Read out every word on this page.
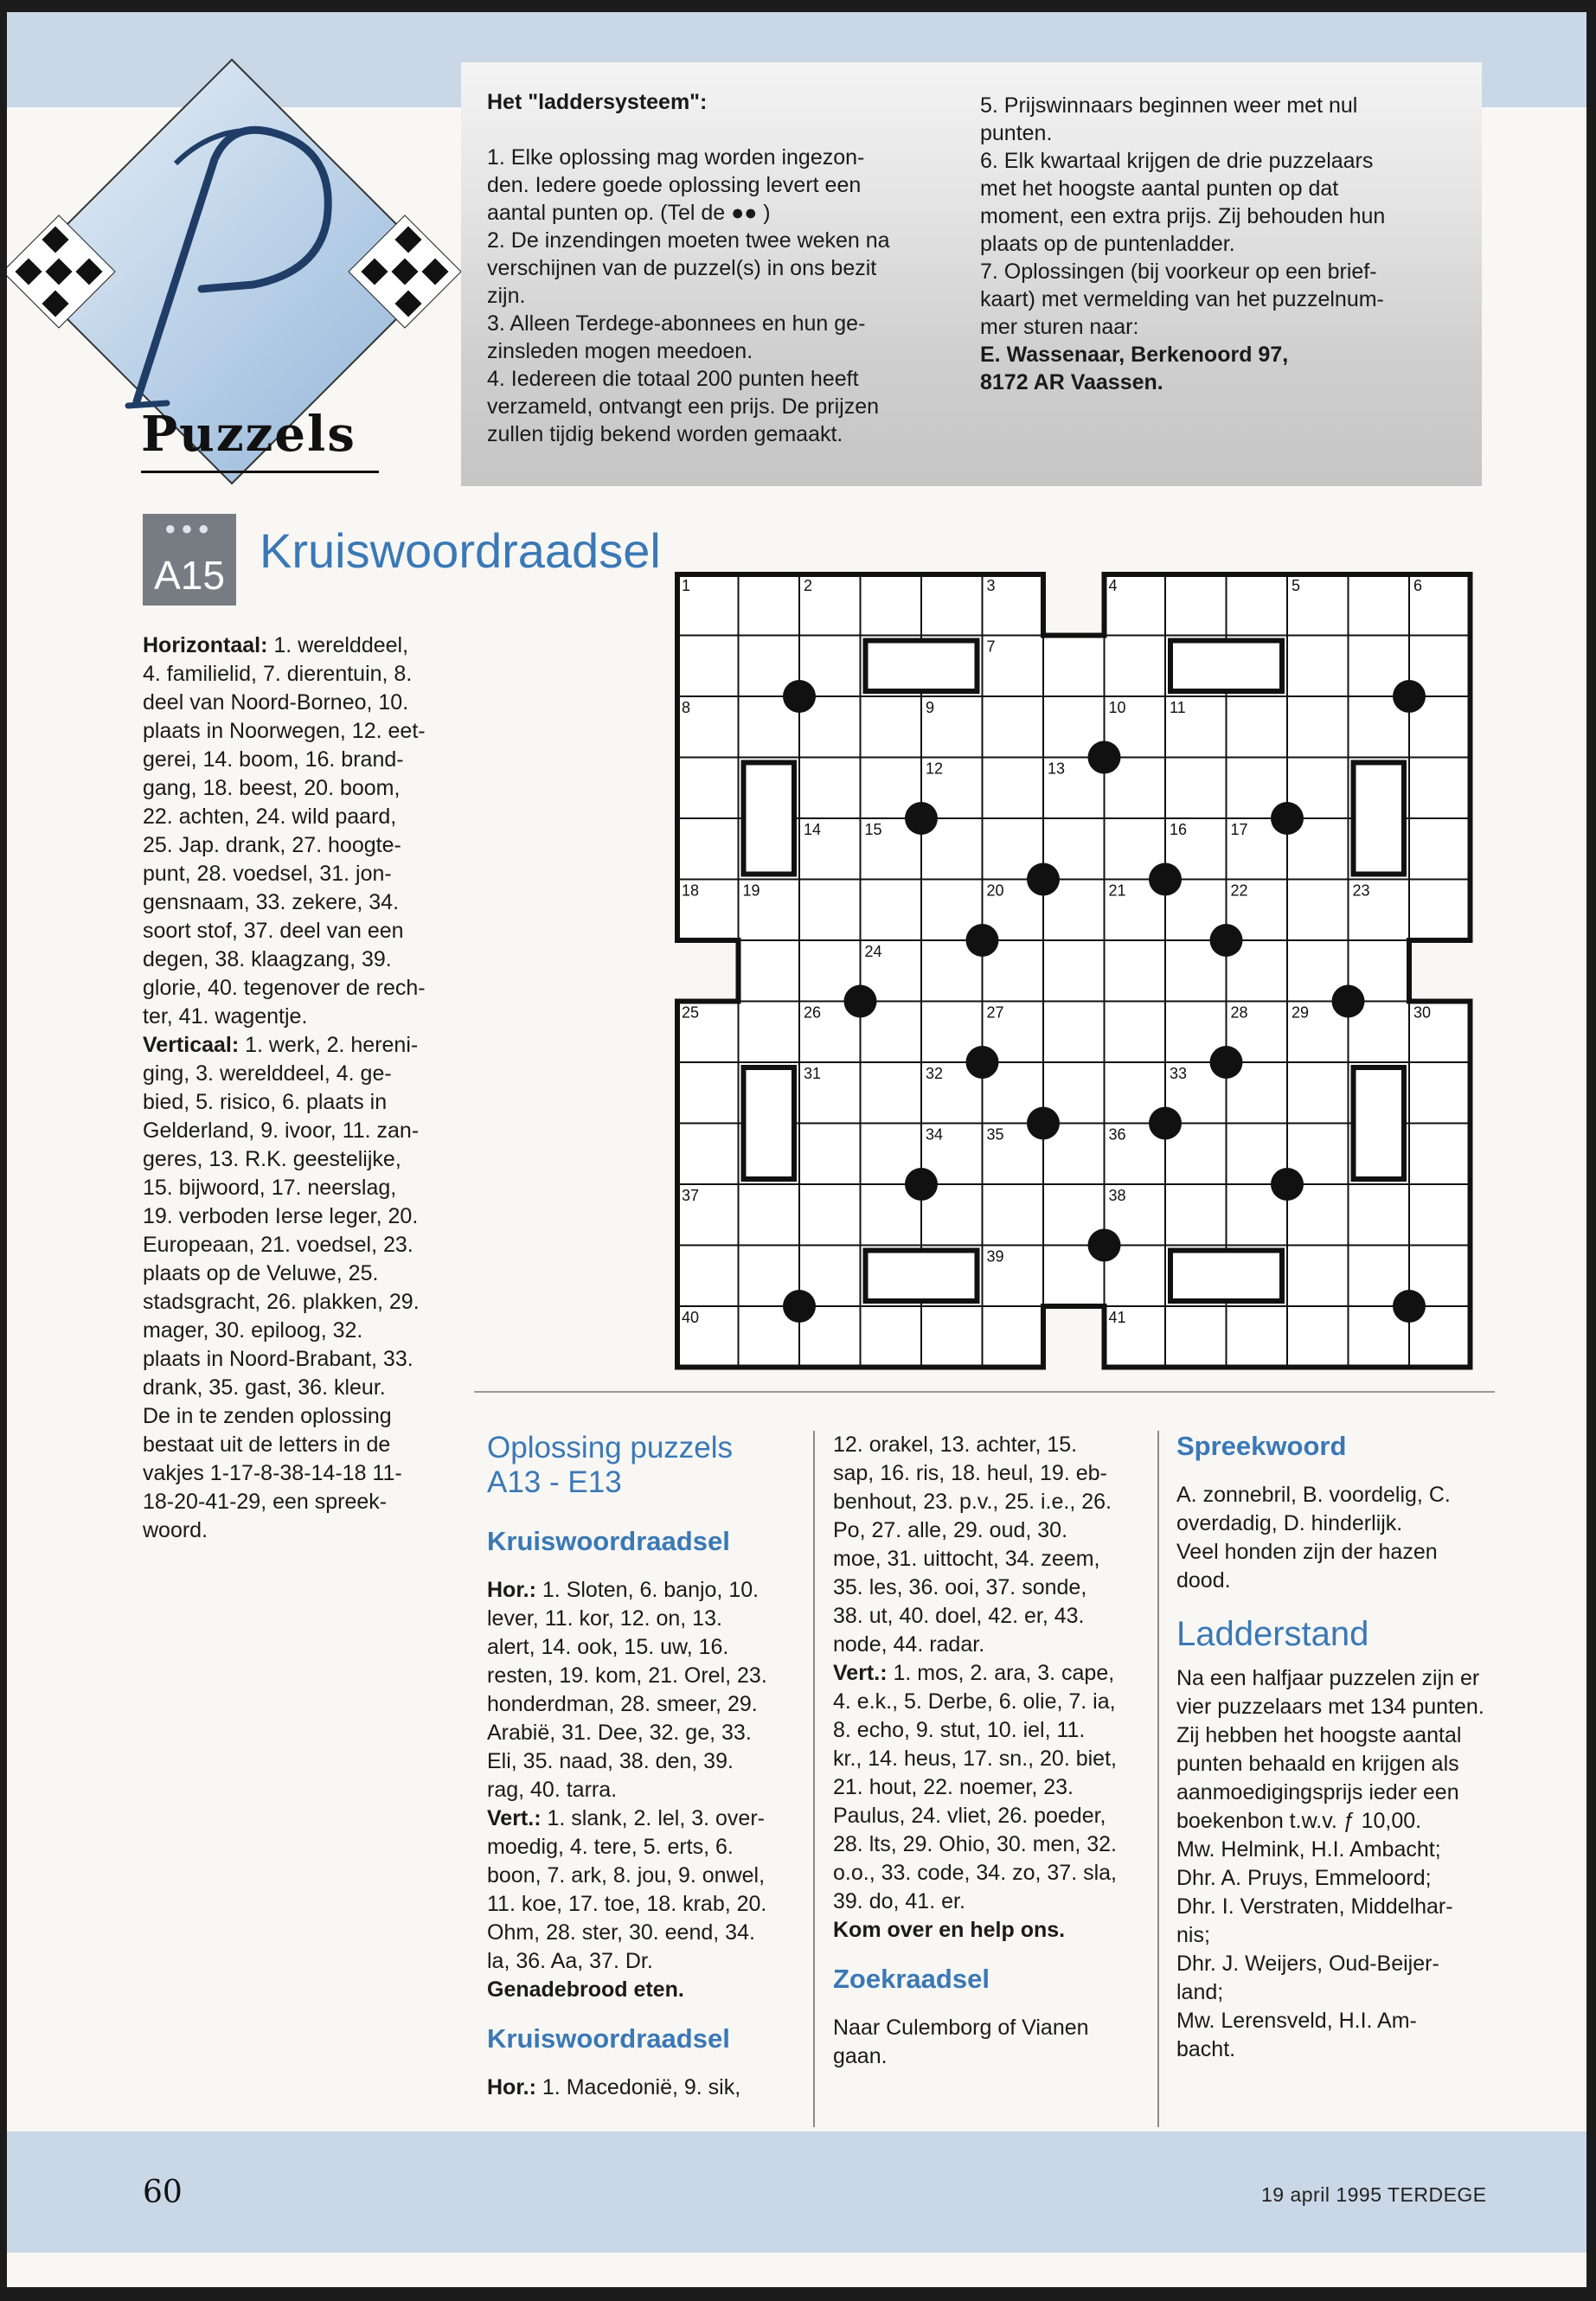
Puzzels

Het "laddersysteem":

1. Elke oplossing mag worden ingezon-

den. Iedere goede oplossing levert een

aantal punten op. (Tel de ●● )

2. De inzendingen moeten twee weken na

verschijnen van de puzzel(s) in ons bezit

zijn.

3. Alleen Terdege-abonnees en hun ge-

zinsleden mogen meedoen.

4. Iedereen die totaal 200 punten heeft

verzameld, ontvangt een prijs. De prijzen

zullen tijdig bekend worden gemaakt.

5. Prijswinnaars beginnen weer met nul

punten.

6. Elk kwartaal krijgen de drie puzzelaars

met het hoogste aantal punten op dat

moment, een extra prijs. Zij behouden hun

plaats op de puntenladder.

7. Oplossingen (bij voorkeur op een brief-

kaart) met vermelding van het puzzelnum-

mer sturen naar:

E. Wassenaar, Berkenoord 97,

8172 AR Vaassen.

●●●
A15 Kruiswoordraadsel

Horizontaal: 1. werelddeel,

4. familielid, 7. dierentuin, 8.

deel van Noord-Borneo, 10.

plaats in Noorwegen, 12. eet-

gerei, 14. boom, 16. brand-

gang, 18. beest, 20. boom,

22. achten, 24. wild paard,

25. Jap. drank, 27. hoogte-

punt, 28. voedsel, 31. jon-

gensnaam, 33. zekere, 34.

soort stof, 37. deel van een

degen, 38. klaagzang, 39.

glorie, 40. tegenover de rech-

ter, 41. wagentje.

Verticaal: 1. werk, 2. hereni-

ging, 3. werelddeel, 4. ge-

bied, 5. risico, 6. plaats in

Gelderland, 9. ivoor, 11. zan-

geres, 13. R.K. geestelijke,

15. bijwoord, 17. neerslag,

19. verboden Ierse leger, 20.

Europeaan, 21. voedsel, 23.

plaats op de Veluwe, 25.

stadsgracht, 26. plakken, 29.

mager, 30. epiloog, 32.

plaats in Noord-Brabant, 33.

drank, 35. gast, 36. kleur.

De in te zenden oplossing

bestaat uit de letters in de

vakjes 1-17-8-38-14-18 11-

18-20-41-29, een spreek-

woord.

1	2	3	4	5	6
7
8	9	10	11
12	13
14	15	16	17
18	19	20	21	22	23
24
25	26	27	28	29	30
31	32	33
34	35	36
37	38
39
40	41

Oplossing puzzels
A13 - E13

Kruiswoordraadsel

Hor.: 1. Sloten, 6. banjo, 10.

lever, 11. kor, 12. on, 13.

alert, 14. ook, 15. uw, 16.

resten, 19. kom, 21. Orel, 23.

honderdman, 28. smeer, 29.

Arabië, 31. Dee, 32. ge, 33.

Eli, 35. naad, 38. den, 39.

rag, 40. tarra.

Vert.: 1. slank, 2. lel, 3. over-

moedig, 4. tere, 5. erts, 6.

boon, 7. ark, 8. jou, 9. onwel,

11. koe, 17. toe, 18. krab, 20.

Ohm, 28. ster, 30. eend, 34.

la, 36. Aa, 37. Dr.

Genadebrood eten.

Kruiswoordraadsel

Hor.: 1. Macedonië, 9. sik,

12. orakel, 13. achter, 15.

sap, 16. ris, 18. heul, 19. eb-

benhout, 23. p.v., 25. i.e., 26.

Po, 27. alle, 29. oud, 30.

moe, 31. uittocht, 34. zeem,

35. les, 36. ooi, 37. sonde,

38. ut, 40. doel, 42. er, 43.

node, 44. radar.

Vert.: 1. mos, 2. ara, 3. cape,

4. e.k., 5. Derbe, 6. olie, 7. ia,

8. echo, 9. stut, 10. iel, 11.

kr., 14. heus, 17. sn., 20. biet,

21. hout, 22. noemer, 23.

Paulus, 24. vliet, 26. poeder,

28. lts, 29. Ohio, 30. men, 32.

o.o., 33. code, 34. zo, 37. sla,

39. do, 41. er.

Kom over en help ons.

Zoekraadsel

Naar Culemborg of Vianen

gaan.

Spreekwoord

A. zonnebril, B. voordelig, C.

overdadig, D. hinderlijk.

Veel honden zijn der hazen

dood.

Ladderstand

Na een halfjaar puzzelen zijn er

vier puzzelaars met 134 punten.

Zij hebben het hoogste aantal

punten behaald en krijgen als

aanmoedigingsprijs ieder een

boekenbon t.w.v. ƒ 10,00.

Mw. Helmink, H.I. Ambacht;

Dhr. A. Pruys, Emmeloord;

Dhr. I. Verstraten, Middelhar-

nis;

Dhr. J. Weijers, Oud-Beijer-

land;

Mw. Lerensveld, H.I. Am-

bacht.

60	19 april 1995 TERDEGE
